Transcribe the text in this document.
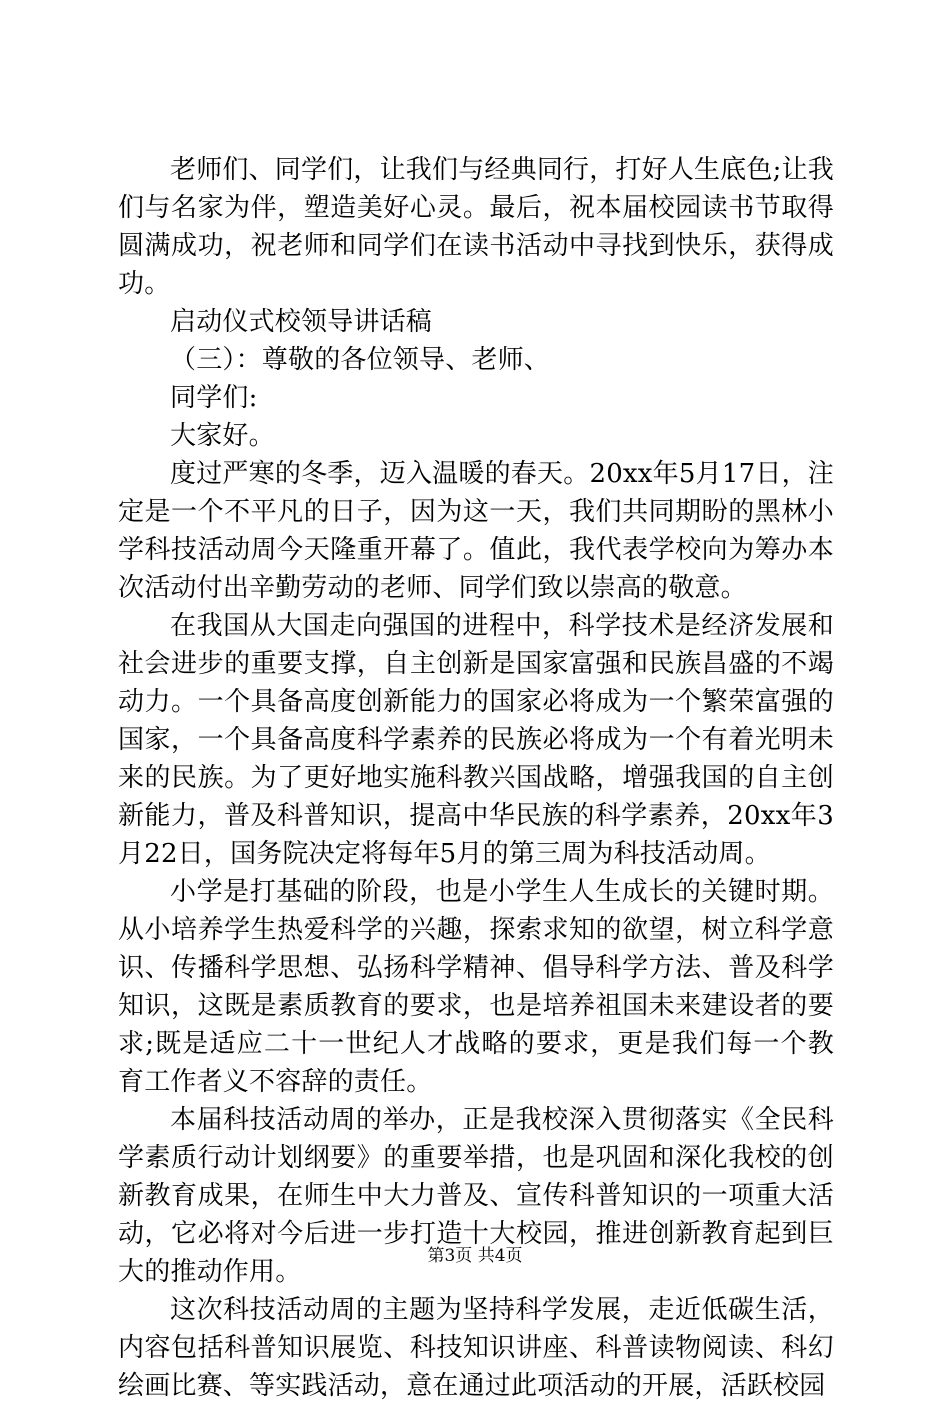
老师们、同学们，让我们与经典同行，打好人生底色;让我们与名家为伴，塑造美好心灵。最后，祝本届校园读书节取得圆满成功，祝老师和同学们在读书活动中寻找到快乐，获得成功。

启动仪式校领导讲话稿

（三）：尊敬的各位领导、老师、

同学们:

大家好。

度过严寒的冬季，迈入温暖的春天。20xx年5月17日，注定是一个不平凡的日子，因为这一天，我们共同期盼的黑林小学科技活动周今天隆重开幕了。值此，我代表学校向为筹办本次活动付出辛勤劳动的老师、同学们致以崇高的敬意。

在我国从大国走向强国的进程中，科学技术是经济发展和社会进步的重要支撑，自主创新是国家富强和民族昌盛的不竭动力。一个具备高度创新能力的国家必将成为一个繁荣富强的国家，一个具备高度科学素养的民族必将成为一个有着光明未来的民族。为了更好地实施科教兴国战略，增强我国的自主创新能力，普及科普知识，提高中华民族的科学素养，20xx年3月22日，国务院决定将每年5月的第三周为科技活动周。

小学是打基础的阶段，也是小学生人生成长的关键时期。从小培养学生热爱科学的兴趣，探索求知的欲望，树立科学意识、传播科学思想、弘扬科学精神、倡导科学方法、普及科学知识，这既是素质教育的要求，也是培养祖国未来建设者的要求;既是适应二十一世纪人才战略的要求，更是我们每一个教育工作者义不容辞的责任。

本届科技活动周的举办，正是我校深入贯彻落实《全民科学素质行动计划纲要》的重要举措，也是巩固和深化我校的创新教育成果，在师生中大力普及、宣传科普知识的一项重大活动，它必将对今后进一步打造十大校园，推进创新教育起到巨大的推动作用。

这次科技活动周的主题为坚持科学发展，走近低碳生活，内容包括科普知识展览、科技知识讲座、科普读物阅读、科幻绘画比赛、等实践活动，意在通过此项活动的开展，活跃校园

第3页 共4页
